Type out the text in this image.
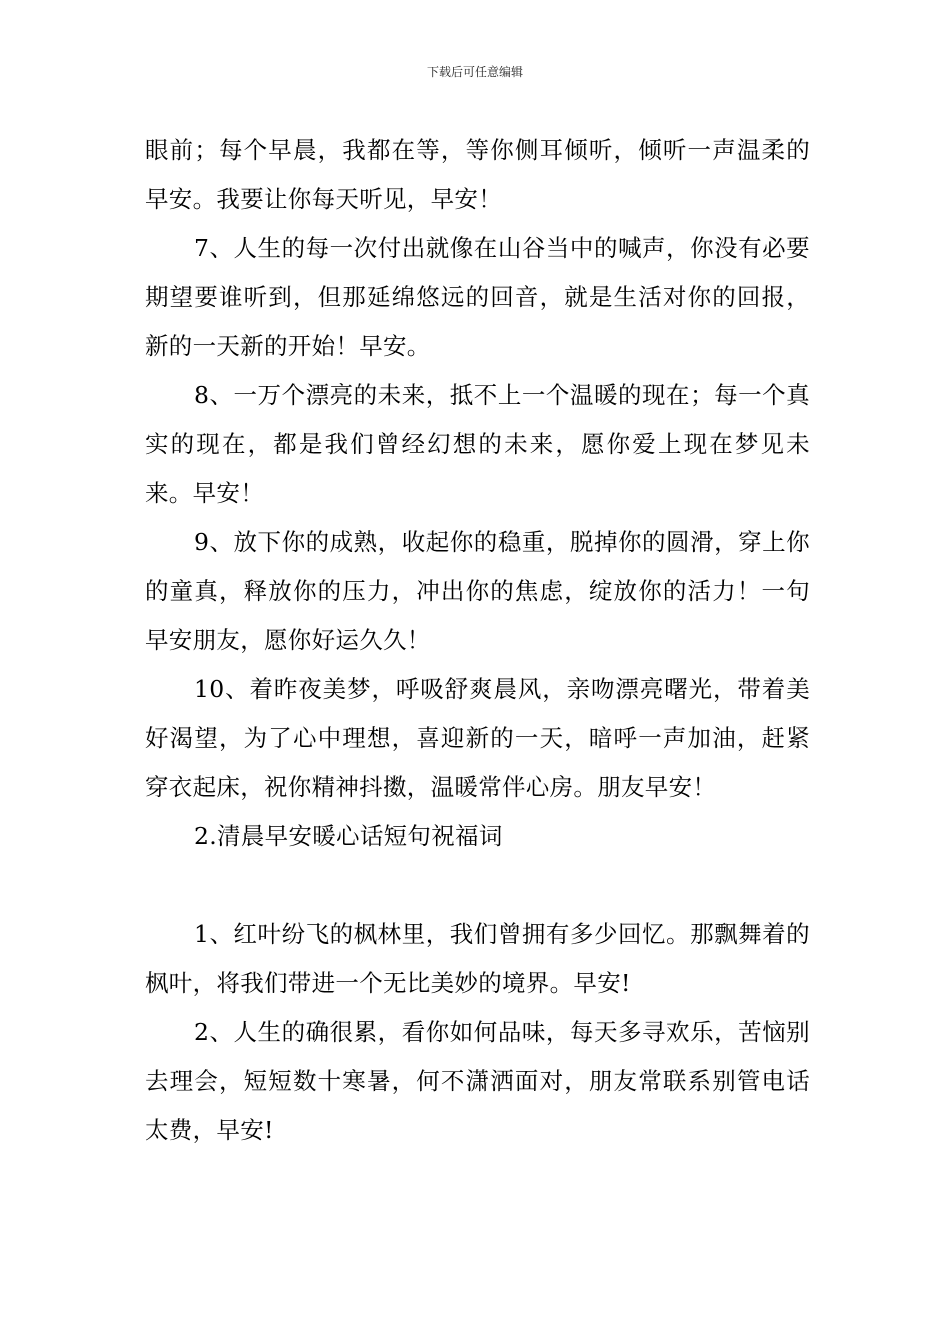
下载后可任意编辑

眼前；每个早晨，我都在等，等你侧耳倾听，倾听一声温柔的早安。我要让你每天听见，早安！

7、人生的每一次付出就像在山谷当中的喊声，你没有必要期望要谁听到，但那延绵悠远的回音，就是生活对你的回报，新的一天新的开始！早安。

8、一万个漂亮的未来，抵不上一个温暖的现在；每一个真实的现在，都是我们曾经幻想的未来，愿你爱上现在梦见未来。早安！

9、放下你的成熟，收起你的稳重，脱掉你的圆滑，穿上你的童真，释放你的压力，冲出你的焦虑，绽放你的活力！一句早安朋友，愿你好运久久！

10、着昨夜美梦，呼吸舒爽晨风，亲吻漂亮曙光，带着美好渴望，为了心中理想，喜迎新的一天，暗呼一声加油，赶紧穿衣起床，祝你精神抖擞，温暖常伴心房。朋友早安！

2.清晨早安暖心话短句祝福词

1、红叶纷飞的枫林里，我们曾拥有多少回忆。那飘舞着的枫叶，将我们带进一个无比美妙的境界。早安!

2、人生的确很累，看你如何品味，每天多寻欢乐，苦恼别去理会，短短数十寒暑，何不潇洒面对，朋友常联系别管电话太费，早安!
